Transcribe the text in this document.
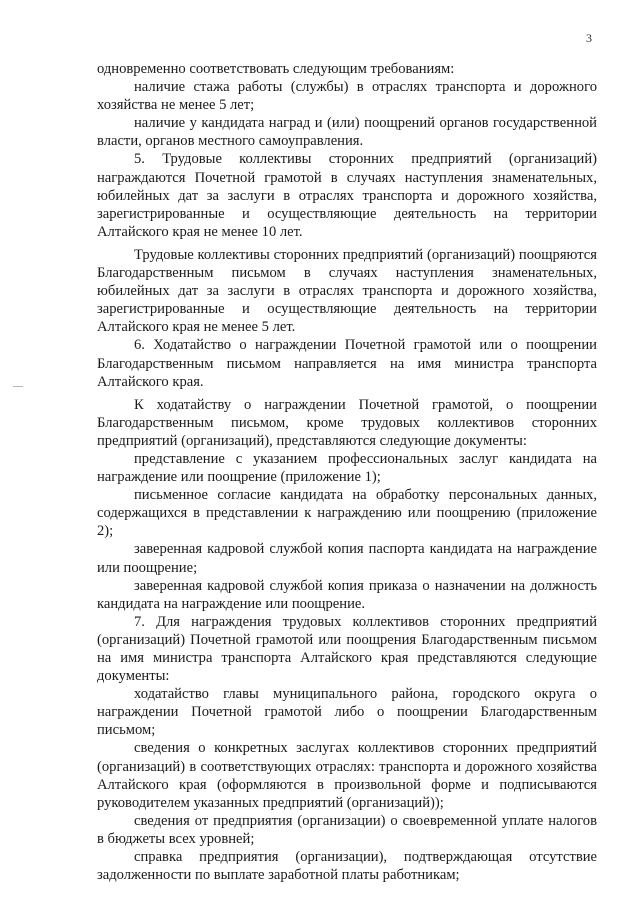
3
—

одновременно соответствовать следующим требованиям:

наличие стажа работы (службы) в отраслях транспорта и дорожного хозяйства не менее 5 лет;

наличие у кандидата наград и (или) поощрений органов государственной власти, органов местного самоуправления.

5. Трудовые коллективы сторонних предприятий (организаций) награждаются Почетной грамотой в случаях наступления знаменательных, юбилейных дат за заслуги в отраслях транспорта и дорожного хозяйства, зарегистрированные и осуществляющие деятельность на территории Алтайского края не менее 10 лет.

Трудовые коллективы сторонних предприятий (организаций) поощряются Благодарственным письмом в случаях наступления знаменательных, юбилейных дат за заслуги в отраслях транспорта и дорожного хозяйства, зарегистрированные и осуществляющие деятельность на территории Алтайского края не менее 5 лет.

6. Ходатайство о награждении Почетной грамотой или о поощрении Благодарственным письмом направляется на имя министра транспорта Алтайского края.

К ходатайству о награждении Почетной грамотой, о поощрении Благодарственным письмом, кроме трудовых коллективов сторонних предприятий (организаций), представляются следующие документы:

представление с указанием профессиональных заслуг кандидата на награждение или поощрение (приложение 1);

письменное согласие кандидата на обработку персональных данных, содержащихся в представлении к награждению или поощрению (приложение 2);

заверенная кадровой службой копия паспорта кандидата на награждение или поощрение;

заверенная кадровой службой копия приказа о назначении на должность кандидата на награждение или поощрение.

7. Для награждения трудовых коллективов сторонних предприятий (организаций) Почетной грамотой или поощрения Благодарственным письмом на имя министра транспорта Алтайского края представляются следующие документы:

ходатайство главы муниципального района, городского округа о награждении Почетной грамотой либо о поощрении Благодарственным письмом;

сведения о конкретных заслугах коллективов сторонних предприятий (организаций) в соответствующих отраслях: транспорта и дорожного хозяйства Алтайского края (оформляются в произвольной форме и подписываются руководителем указанных предприятий (организаций));

сведения от предприятия (организации) о своевременной уплате налогов в бюджеты всех уровней;

справка предприятия (организации), подтверждающая отсутствие задолженности по выплате заработной платы работникам;
